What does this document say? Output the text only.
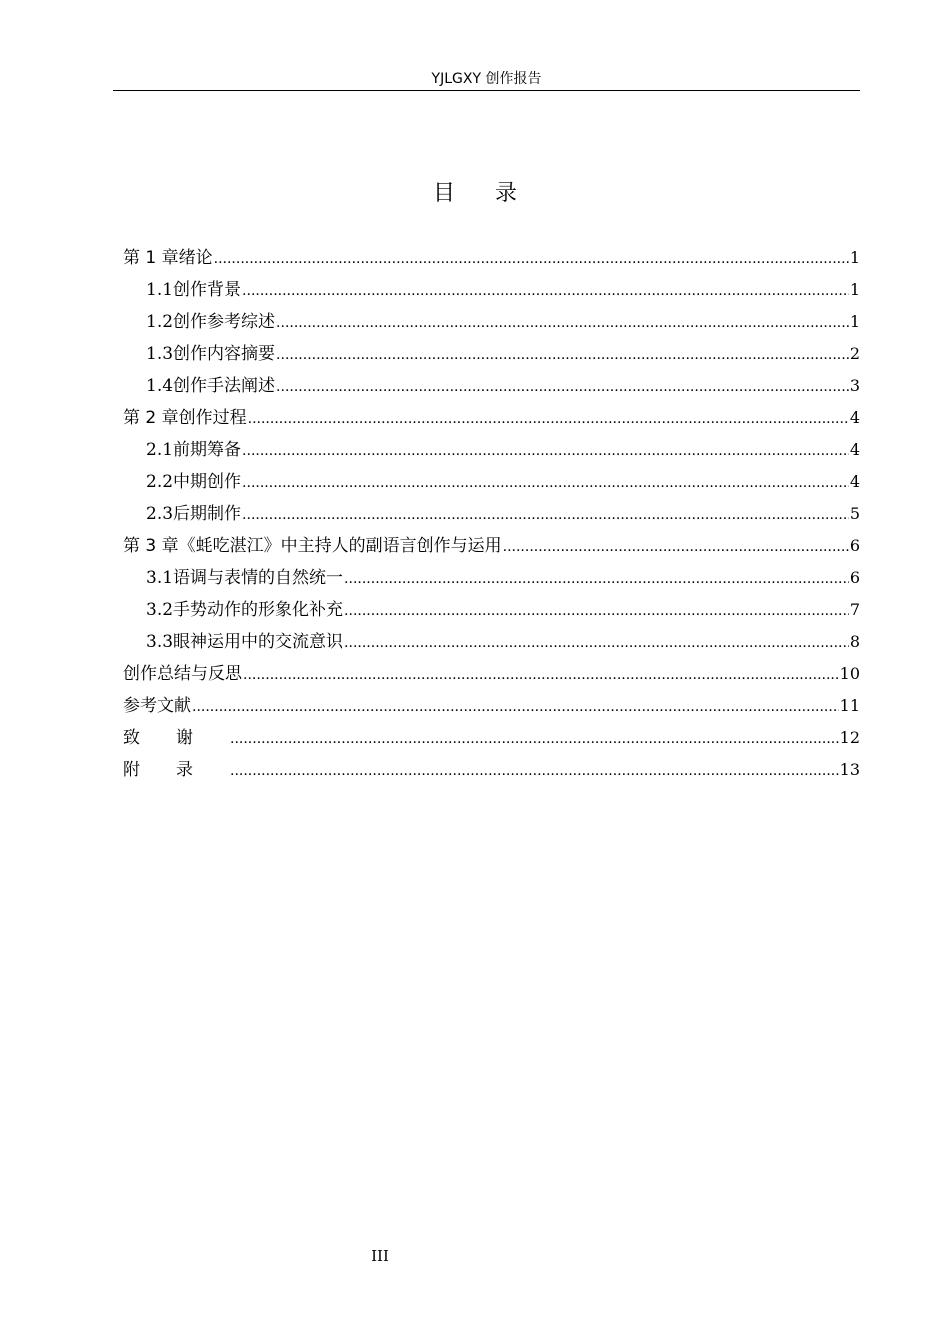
YJLGXY 创作报告
目录
第 1 章 绪论 .....	1
1.1 创作背景 .....	1
1.2 创作参考综述 .....	1
1.3 创作内容摘要 .....	2
1.4 创作手法阐述 .....	3
第 2 章 创作过程 .....	4
2.1 前期筹备 .....	4
2.2 中期创作 .....	4
2.3 后期制作 .....	5
第 3 章 《蚝吃湛江》中主持人的副语言创作与运用 .....	6
3.1 语调与表情的自然统一 .....	6
3.2 手势动作的形象化补充 .....	7
3.3 眼神运用中的交流意识 .....	8
创作总结与反思 .....	10
参考文献 .....	11
致谢 .....	12
附录 .....	13
III
